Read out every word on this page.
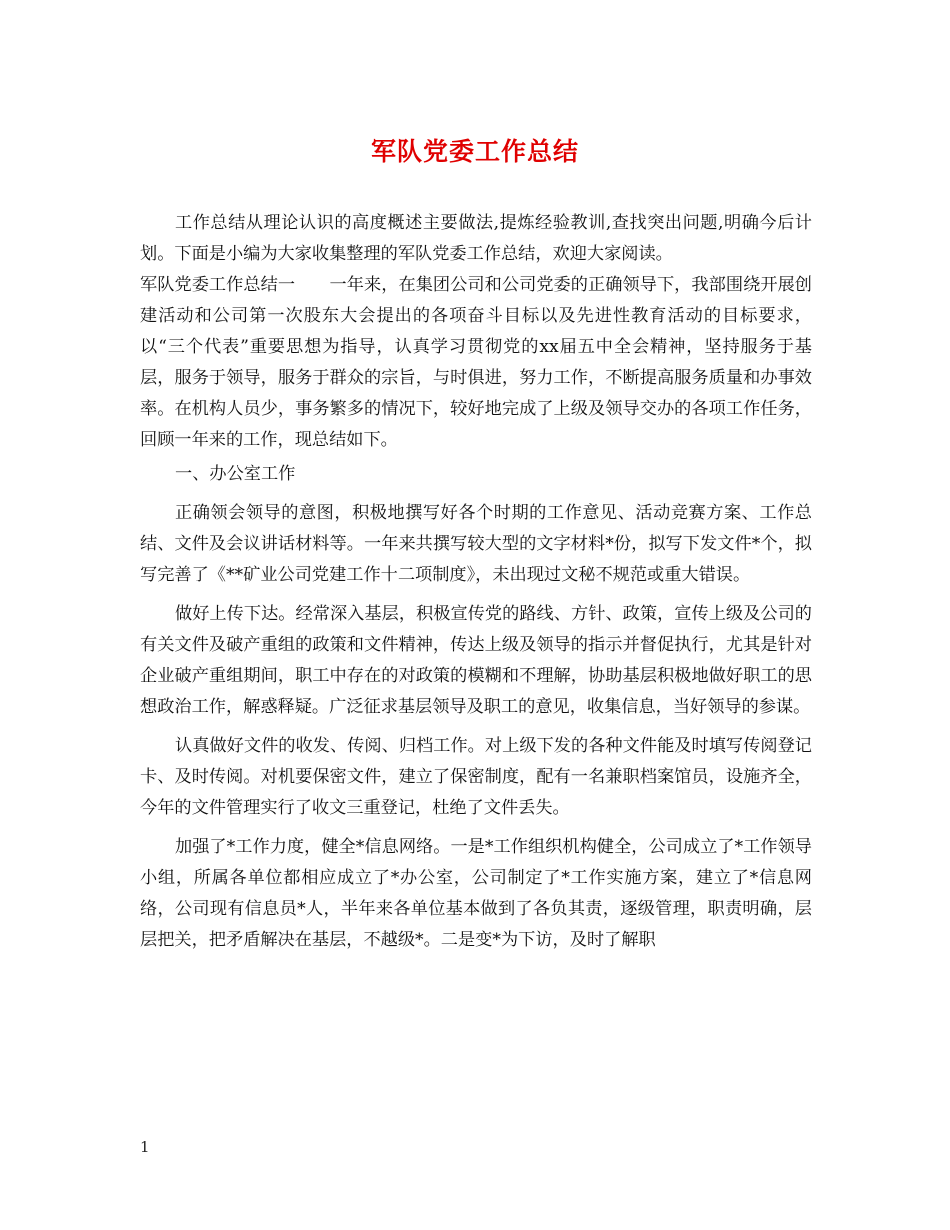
军队党委工作总结

工作总结从理论认识的高度概述主要做法,提炼经验教训,查找突出问题,明确今后计划。下面是小编为大家收集整理的军队党委工作总结，欢迎大家阅读。

军队党委工作总结一　　一年来，在集团公司和公司党委的正确领导下，我部围绕开展创建活动和公司第一次股东大会提出的各项奋斗目标以及先进性教育活动的目标要求，以“三个代表”重要思想为指导，认真学习贯彻党的xx届五中全会精神，坚持服务于基层，服务于领导，服务于群众的宗旨，与时俱进，努力工作，不断提高服务质量和办事效率。在机构人员少，事务繁多的情况下，较好地完成了上级及领导交办的各项工作任务，回顾一年来的工作，现总结如下。

一、办公室工作

正确领会领导的意图，积极地撰写好各个时期的工作意见、活动竞赛方案、工作总结、文件及会议讲话材料等。一年来共撰写较大型的文字材料*份，拟写下发文件*个，拟写完善了《**矿业公司党建工作十二项制度》，未出现过文秘不规范或重大错误。

做好上传下达。经常深入基层，积极宣传党的路线、方针、政策，宣传上级及公司的有关文件及破产重组的政策和文件精神，传达上级及领导的指示并督促执行，尤其是针对企业破产重组期间，职工中存在的对政策的模糊和不理解，协助基层积极地做好职工的思想政治工作，解惑释疑。广泛征求基层领导及职工的意见，收集信息，当好领导的参谋。

认真做好文件的收发、传阅、归档工作。对上级下发的各种文件能及时填写传阅登记卡、及时传阅。对机要保密文件，建立了保密制度，配有一名兼职档案馆员，设施齐全，今年的文件管理实行了收文三重登记，杜绝了文件丢失。

加强了*工作力度，健全*信息网络。一是*工作组织机构健全，公司成立了*工作领导小组，所属各单位都相应成立了*办公室，公司制定了*工作实施方案，建立了*信息网络，公司现有信息员*人，半年来各单位基本做到了各负其责，逐级管理，职责明确，层层把关，把矛盾解决在基层，不越级*。二是变*为下访，及时了解职

1
